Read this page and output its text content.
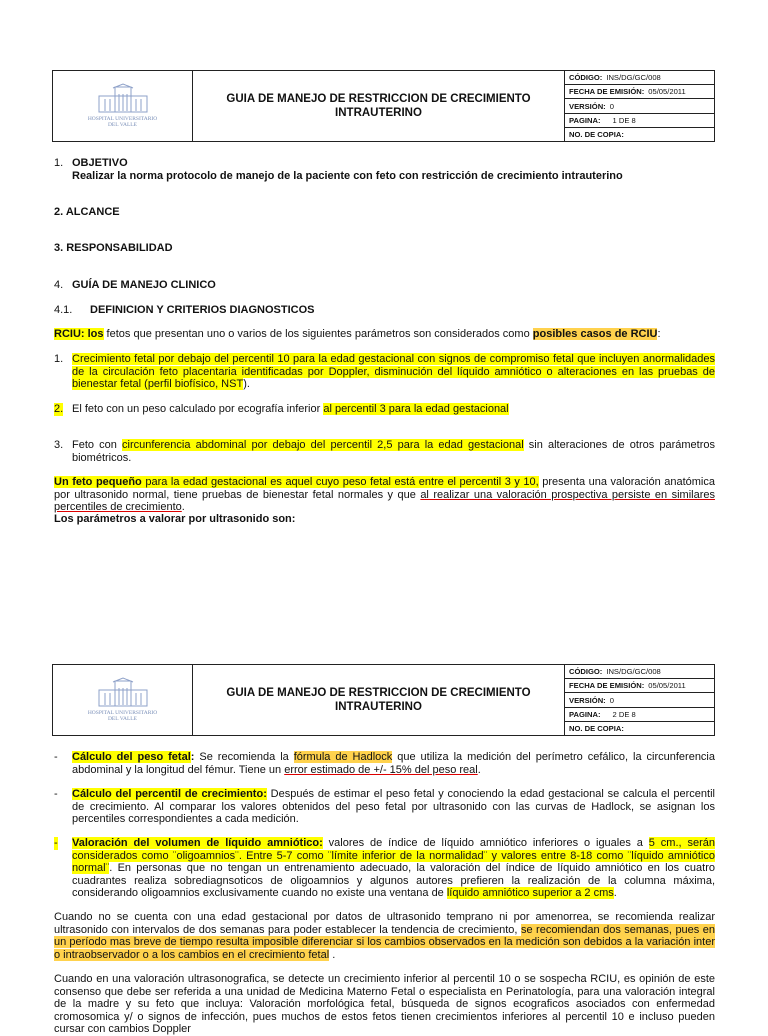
HOSPITAL UNIVERSITARIO
DEL VALLE
GUIA DE MANEJO DE RESTRICCION DE CRECIMIENTO INTRAUTERINO
CÓDIGO: INS/DG/GC/008
FECHA DE EMISIÓN: 05/05/2011
VERSIÓN: 0
PAGINA: 1 DE 8
NO. DE COPIA:
1. OBJETIVO
Realizar la norma protocolo de manejo de la paciente con feto con restricción de crecimiento intrauterino
2. ALCANCE
3. RESPONSABILIDAD
4. GUÍA DE MANEJO CLINICO
4.1. DEFINICION Y CRITERIOS DIAGNOSTICOS
RCIU: los fetos que presentan uno o varios de los siguientes parámetros son considerados como posibles casos de RCIU:
1. Crecimiento fetal por debajo del percentil 10 para la edad gestacional con signos de compromiso fetal que incluyen anormalidades de la circulación feto placentaria identificadas por Doppler, disminución del líquido amniótico o alteraciones en las pruebas de bienestar fetal (perfil biofísico, NST).
2. El feto con un peso calculado por ecografía inferior al percentil 3 para la edad gestacional
3. Feto con circunferencia abdominal por debajo del percentil 2,5 para la edad gestacional sin alteraciones de otros parámetros biométricos.
Un feto pequeño para la edad gestacional es aquel cuyo peso fetal está entre el percentil 3 y 10, presenta una valoración anatómica por ultrasonido normal, tiene pruebas de bienestar fetal normales y que al realizar una valoración prospectiva persiste en similares percentiles de crecimiento.
Los parámetros a valorar por ultrasonido son:
HOSPITAL UNIVERSITARIO
DEL VALLE
GUIA DE MANEJO DE RESTRICCION DE CRECIMIENTO INTRAUTERINO
CÓDIGO: INS/DG/GC/008
FECHA DE EMISIÓN: 05/05/2011
VERSIÓN: 0
PAGINA: 2 DE 8
NO. DE COPIA:
- Cálculo del peso fetal: Se recomienda la fórmula de Hadlock que utiliza la medición del perímetro cefálico, la circunferencia abdominal y la longitud del fémur. Tiene un error estimado de +/- 15% del peso real.
- Cálculo del percentil de crecimiento: Después de estimar el peso fetal y conociendo la edad gestacional se calcula el percentil de crecimiento. Al comparar los valores obtenidos del peso fetal por ultrasonido con las curvas de Hadlock, se asignan los percentiles correspondientes a cada medición.
- Valoración del volumen de líquido amniótico: valores de índice de líquido amniótico inferiores o iguales a 5 cm., serán considerados como ¨oligoamnios¨. Entre 5-7 como ¨límite inferior de la normalidad¨ y valores entre 8-18 como ¨líquido amniótico normal¨. En personas que no tengan un entrenamiento adecuado, la valoración del índice de líquido amniótico en los cuatro cuadrantes realiza sobrediagnsoticos de oligoamnios y algunos autores prefieren la realización de la columna máxima, considerando oligoamnios exclusivamente cuando no existe una ventana de líquido amniótico superior a 2 cms.
Cuando no se cuenta con una edad gestacional por datos de ultrasonido temprano ni por amenorrea, se recomienda realizar ultrasonido con intervalos de dos semanas para poder establecer la tendencia de crecimiento, se recomiendan dos semanas, pues en un período mas breve de tiempo resulta imposible diferenciar si los cambios observados en la medición son debidos a la variación inter o intraobservador o a los cambios en el crecimiento fetal .
Cuando en una valoración ultrasonografica, se detecte un crecimiento inferior al percentil 10 o se sospecha RCIU, es opinión de este consenso que debe ser referida a una unidad de Medicina Materno Fetal o especialista en Perinatología, para una valoración integral de la madre y su feto que incluya: Valoración morfológica fetal, búsqueda de signos ecograficos asociados con enfermedad cromosomica y/ o signos de infección, pues muchos de estos fetos tienen crecimientos inferiores al percentil 10 e incluso pueden cursar con cambios Doppler
